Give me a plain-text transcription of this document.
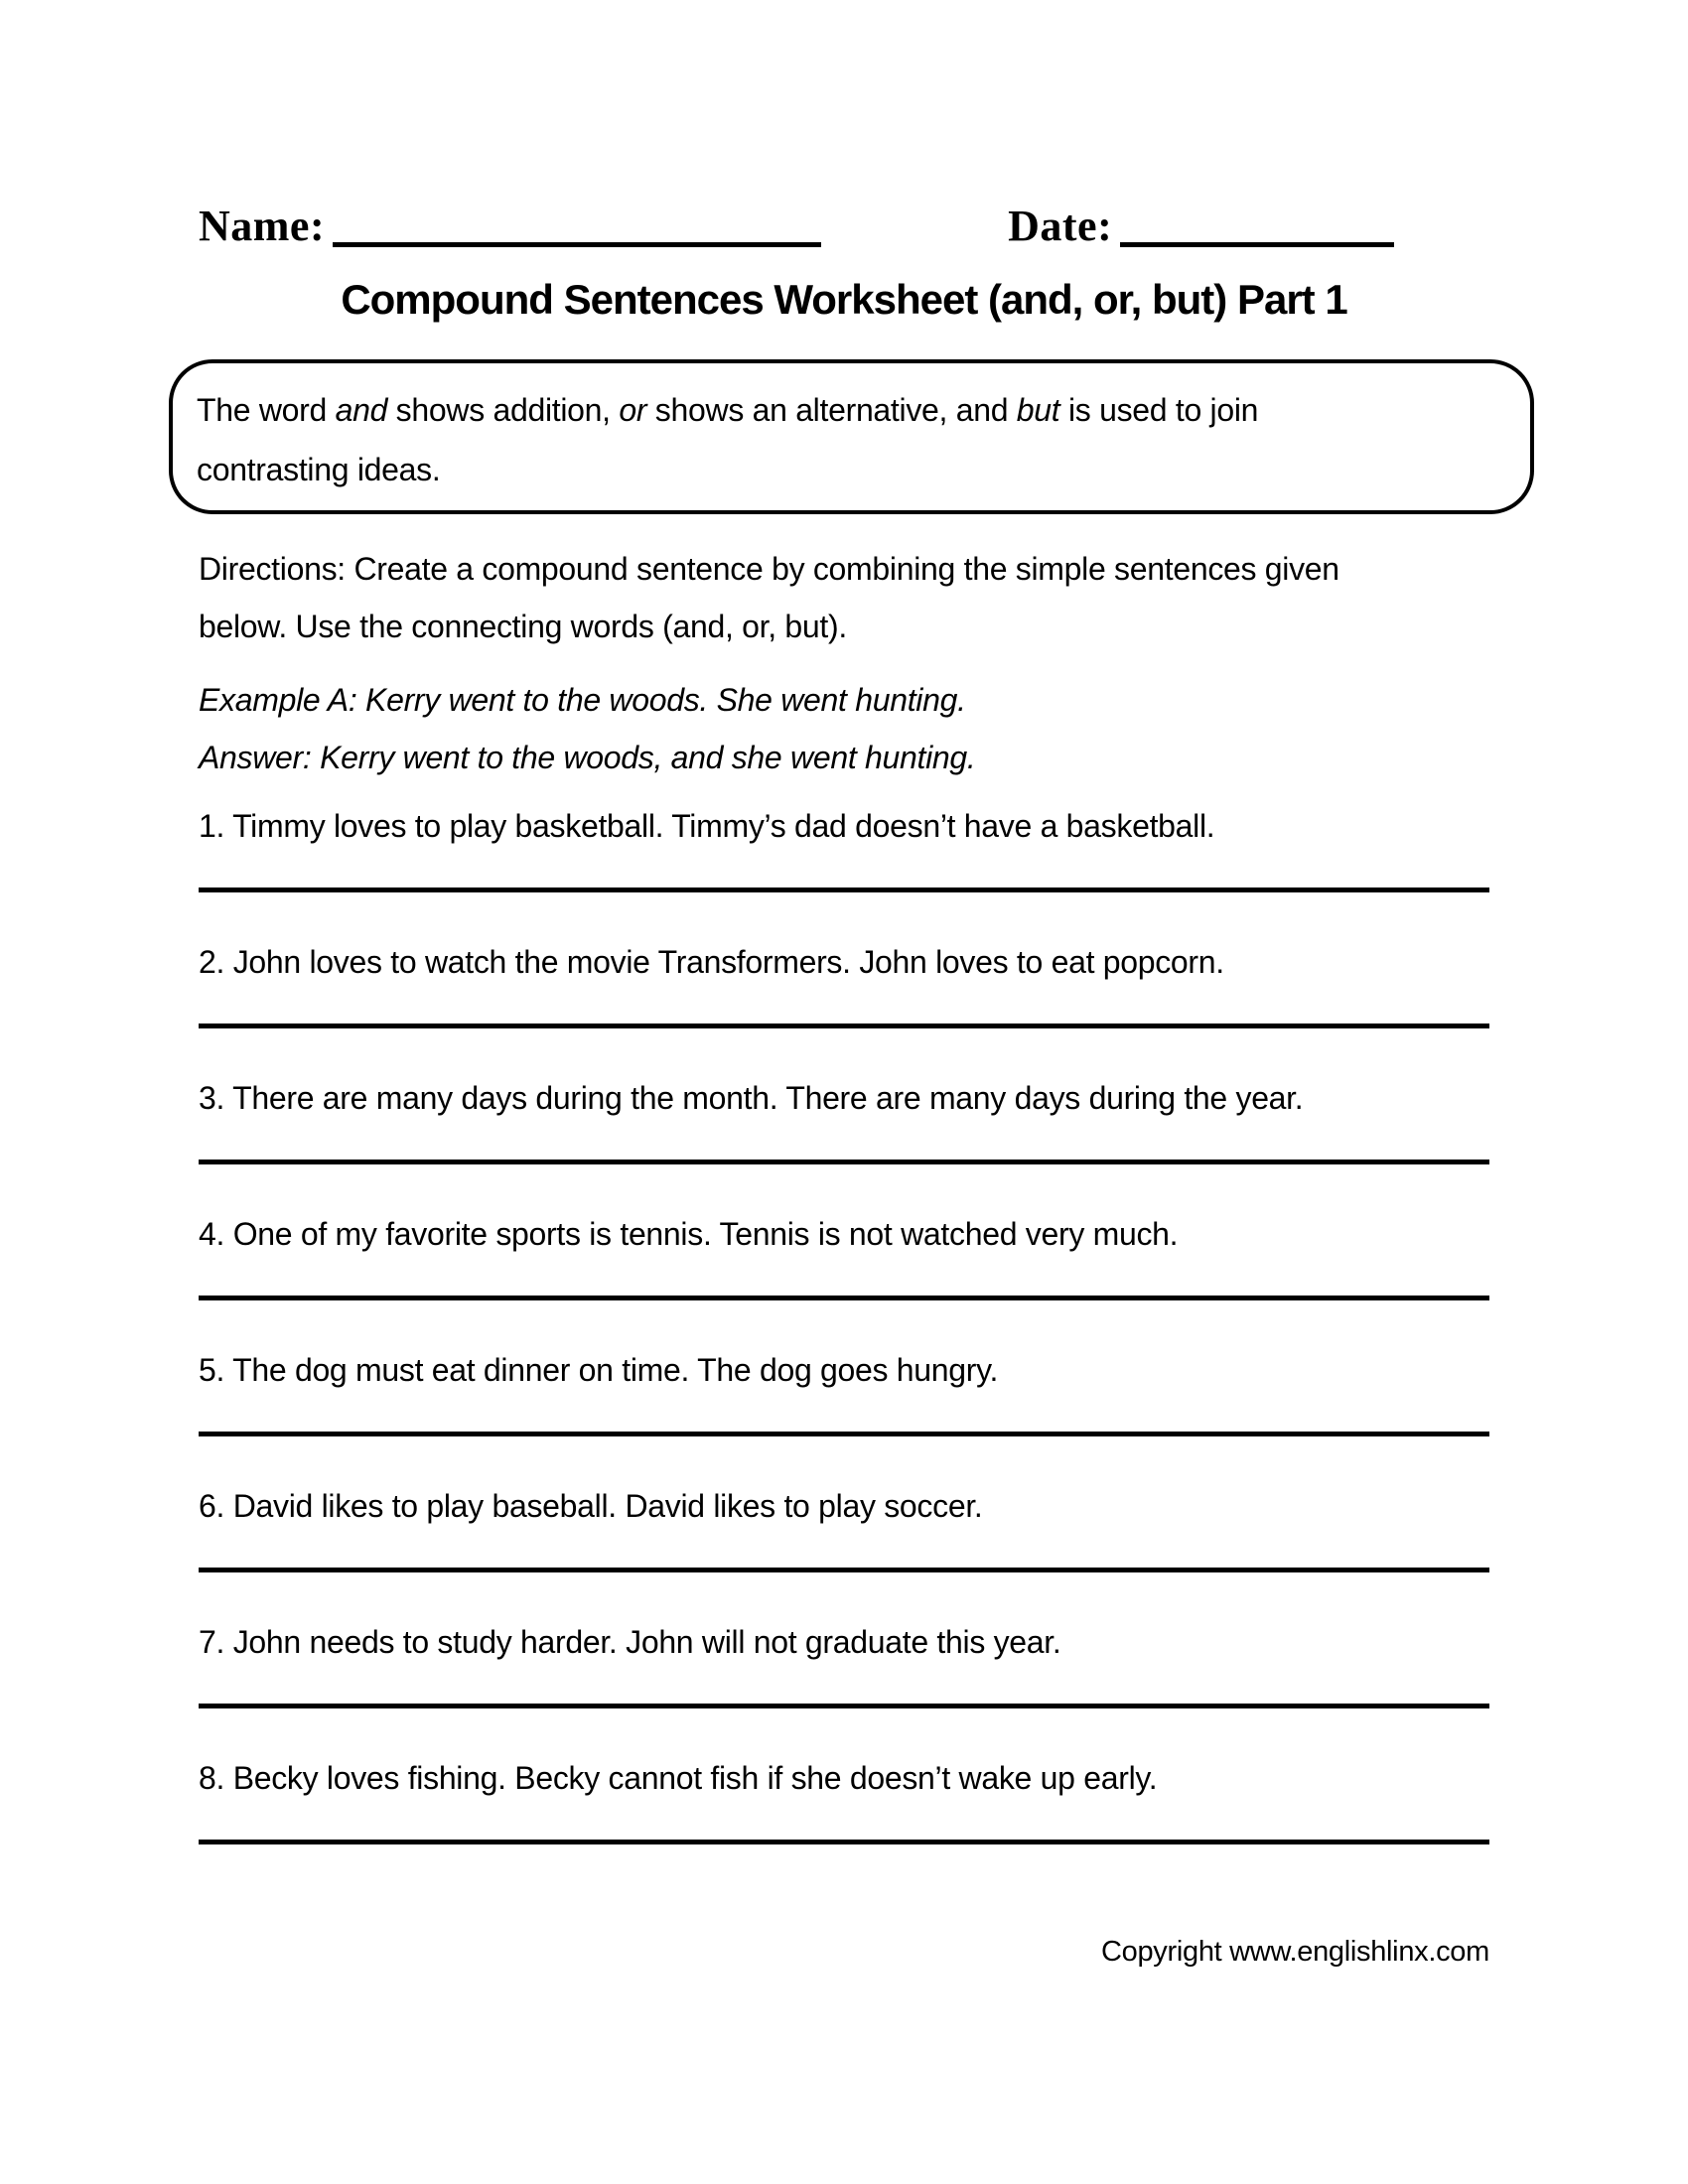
Name:	Date:
Compound Sentences Worksheet (and, or, but) Part 1
The word and shows addition, or shows an alternative, and but is used to join
contrasting ideas.
Directions: Create a compound sentence by combining the simple sentences given
below. Use the connecting words (and, or, but).
Example A: Kerry went to the woods. She went hunting.
Answer: Kerry went to the woods, and she went hunting.
1. Timmy loves to play basketball. Timmy’s dad doesn’t have a basketball.
2. John loves to watch the movie Transformers. John loves to eat popcorn.
3. There are many days during the month. There are many days during the year.
4. One of my favorite sports is tennis. Tennis is not watched very much.
5. The dog must eat dinner on time. The dog goes hungry.
6. David likes to play baseball. David likes to play soccer.
7. John needs to study harder. John will not graduate this year.
8. Becky loves fishing. Becky cannot fish if she doesn’t wake up early.
Copyright www.englishlinx.com
